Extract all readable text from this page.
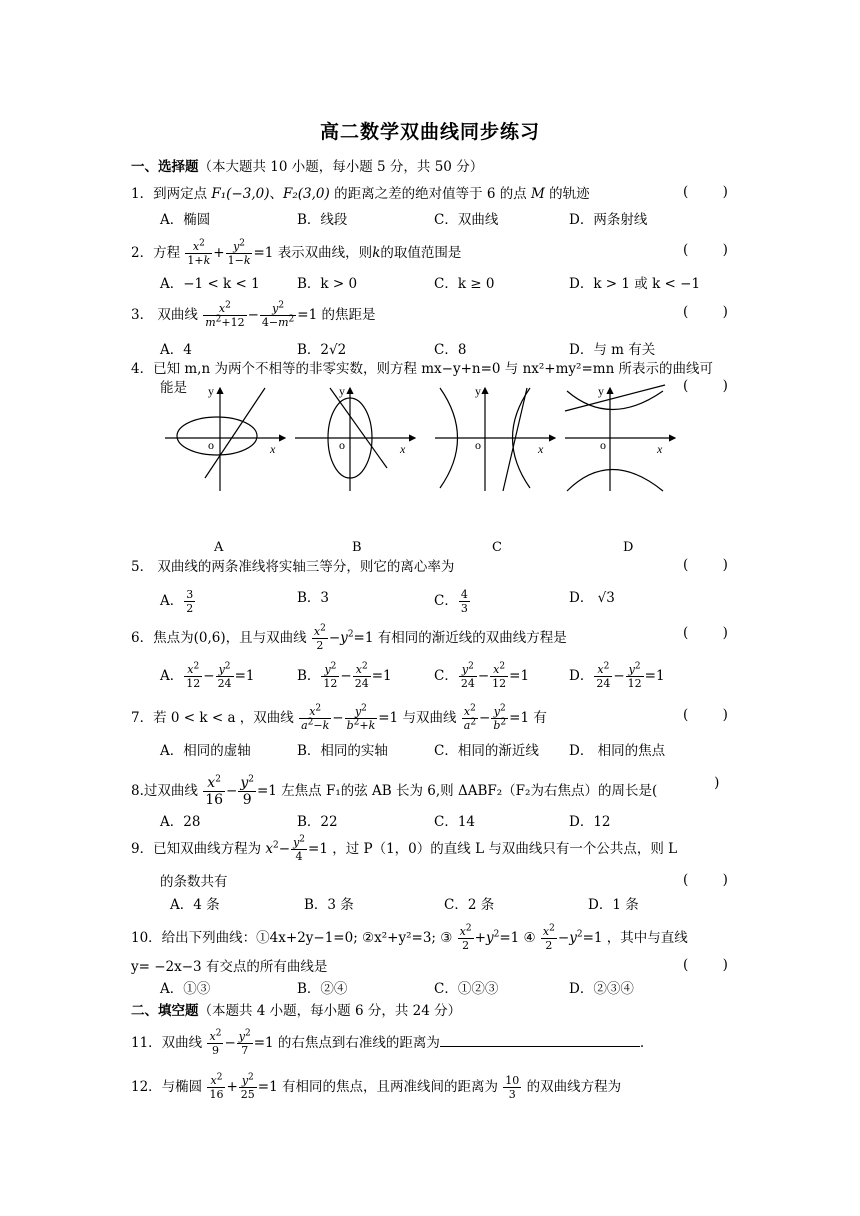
高二数学双曲线同步练习
一、选择题（本大题共 10 小题，每小题 5 分，共 50 分）
1．到两定点 F₁(−3,0)、F₂(3,0) 的距离之差的绝对值等于 6 的点 M 的轨迹	(        )
A．椭圆	B．线段	C．双曲线	D．两条射线
2．方程 $\frac{x^2}{1+k} + \frac{y^2}{1-k} =1$ 表示双曲线，则k的取值范围是	(        )
A．−1 < k < 1	B．k > 0	C．k ≥ 0	D．k > 1 或 k < −1
3． 双曲线 $\frac{x^2}{m^2+12} - \frac{y^2}{4-m^2} =1$ 的焦距是	(        )
A．4	B．2√2	C．8	D．与 m 有关
4．已知 m,n 为两个不相等的非零实数，则方程 mx−y+n=0 与 nx²+my²=mn 所表示的曲线可
能是	(        )
y
o	x
y
o	x
y
o	x
y
o	x
A	B	C	D
5． 双曲线的两条准线将实轴三等分，则它的离心率为	(        )
A． $\frac{3}{2}$	B．3	C． $\frac{4}{3}$	D． √3
6．焦点为(0,6)，且与双曲线 $\frac{x^2}{2} -y^2=1$ 有相同的渐近线的双曲线方程是	(        )
A． $\frac{x^2}{12} - \frac{y^2}{24} =1$	B． $\frac{y^2}{12} - \frac{x^2}{24} =1$	C． $\frac{y^2}{24} - \frac{x^2}{12} =1$	D． $\frac{x^2}{24} - \frac{y^2}{12} =1$
7．若 0 < k < a ，双曲线 $\frac{x^2}{a^2-k} - \frac{y^2}{b^2+k} =1$ 与双曲线 $\frac{x^2}{a^2} - \frac{y^2}{b^2} =1$ 有	(        )
A．相同的虚轴	B．相同的实轴	C．相同的渐近线 D． 相同的焦点
8.过双曲线 $\frac{x^2}{16} - \frac{y^2}{9} =1$ 左焦点 F₁的弦 AB 长为 6,则 ΔABF₂（F₂为右焦点）的周长是(	)
A．28	B．22	C．14	D．12
9．已知双曲线方程为 $x^2- \frac{y^2}{4} =1$ ，过 P（1，0）的直线 L 与双曲线只有一个公共点，则 L
的条数共有	(        )
A．4 条	B．3 条	C．2 条	D．1 条
10．给出下列曲线：①4x+2y−1=0; ②x²+y²=3; ③ $\frac{x^2}{2} +y^2=1$ ④ $\frac{x^2}{2} -y^2=1$ ，其中与直线
y= −2x−3 有交点的所有曲线是	(        )
A．①③	B．②④	C．①②③	D．②③④
二、填空题（本题共 4 小题，每小题 6 分，共 24 分）
11．双曲线 $\frac{x^2}{9} - \frac{y^2}{7} =1$ 的右焦点到右准线的距离为	.
12．与椭圆 $\frac{x^2}{16} + \frac{y^2}{25} =1$ 有相同的焦点，且两准线间的距离为 $\frac{10}{3}$ 的双曲线方程为
